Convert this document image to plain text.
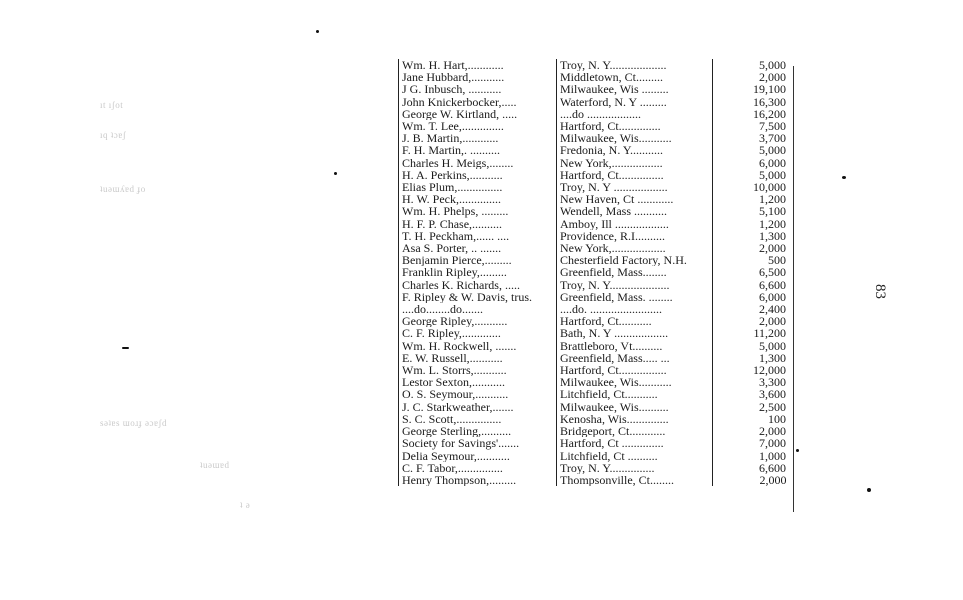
ıt ıʃot
ıq ʇɔɐʃ
ʇuǝɯʎɐd ɟo
sǝʇɐs ɯoɹɟ ǝɔɐʃd
ʇuǝɯɐd
ʇ ǝ
83
Wm. H. Hart,............	Troy, N. Y...................	5,000
Jane Hubbard,...........	Middletown, Ct.........	2,000
J G. Inbusch, ...........	Milwaukee, Wis .........	19,100
John Knickerbocker,.....	Waterford, N. Y .........	16,300
George W. Kirtland, .....	....do ..................	16,200
Wm. T. Lee,..............	Hartford, Ct..............	7,500
J. B. Martin,............	Milwaukee, Wis...........	3,700
F. H. Martin,. ..........	Fredonia, N. Y...........	5,000
Charles H. Meigs,........	New York,.................	6,000
H. A. Perkins,...........	Hartford, Ct...............	5,000
Elias Plum,...............	Troy, N. Y ..................	10,000
H. W. Peck,..............	New Haven, Ct ............	1,200
Wm. H. Phelps, .........	Wendell, Mass ...........	5,100
H. F. P. Chase,..........	Amboy, Ill ..................	1,200
T. H. Peckham,...... ....	Providence, R.I..........	1,300
Asa S. Porter, .. .......	New York,..................	2,000
Benjamin Pierce,.........	Chesterfield Factory, N.H.	500
Franklin Ripley,.........	Greenfield, Mass........	6,500
Charles K. Richards, .....	Troy, N. Y....................	6,600
F. Ripley & W. Davis, trus.	Greenfield, Mass. ........	6,000
....do........do.......	....do. ........................	2,400
George Ripley,...........	Hartford, Ct...........	2,000
C. F. Ripley,.............	Bath, N. Y ..................	11,200
Wm. H. Rockwell, .......	Brattleboro, Vt..........	5,000
E. W. Russell,...........	Greenfield, Mass..... ...	1,300
Wm. L. Storrs,...........	Hartford, Ct................	12,000
Lestor Sexton,...........	Milwaukee, Wis...........	3,300
O. S. Seymour,...........	Litchfield, Ct...........	3,600
J. C. Starkweather,.......	Milwaukee, Wis..........	2,500
S. C. Scott,...............	Kenosha, Wis..............	100
George Sterling,..........	Bridgeport, Ct............	2,000
Society for Savings'.......	Hartford, Ct ..............	7,000
Delia Seymour,...........	Litchfield, Ct ..........	1,000
C. F. Tabor,...............	Troy, N. Y...............	6,600
Henry Thompson,.........	Thompsonville, Ct........	2,000
